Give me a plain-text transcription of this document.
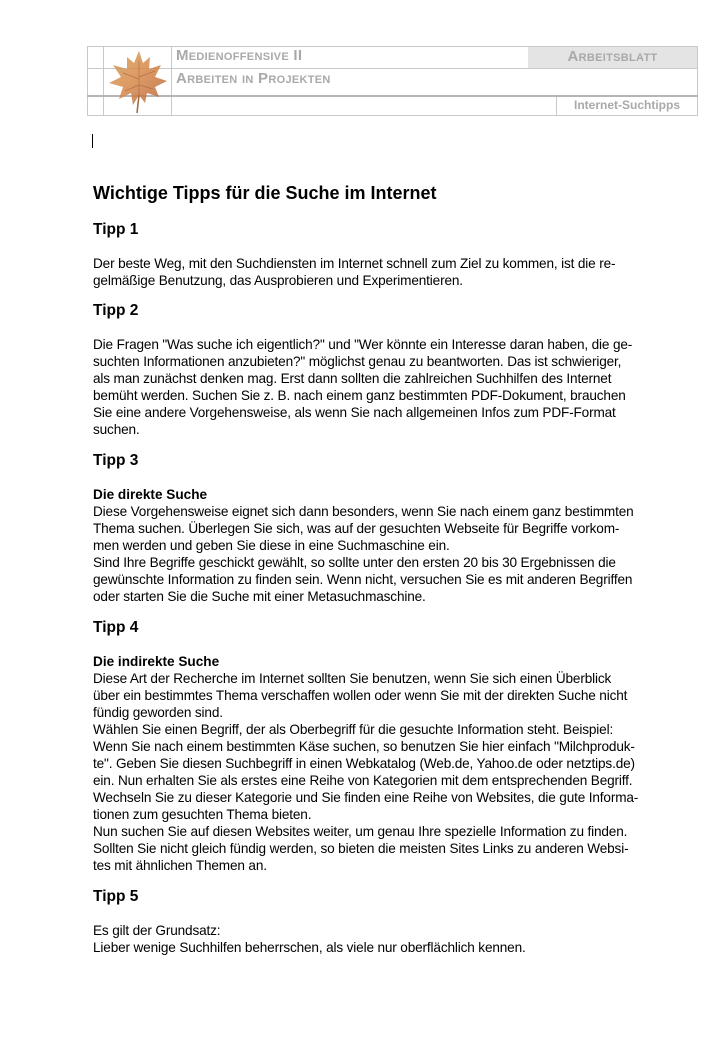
Medienoffensive II
Arbeiten in Projekten
Arbeitsblatt
Internet-Suchtipps
Wichtige Tipps für die Suche im Internet
Tipp 1

Der beste Weg, mit den Suchdiensten im Internet schnell zum Ziel zu kommen, ist die re-

gelmäßige Benutzung, das Ausprobieren und Experimentieren.

Tipp 2

Die Fragen "Was suche ich eigentlich?" und "Wer könnte ein Interesse daran haben, die ge-

suchten Informationen anzubieten?" möglichst genau zu beantworten. Das ist schwieriger,

als man zunächst denken mag. Erst dann sollten die zahlreichen Suchhilfen des Internet

bemüht werden. Suchen Sie z. B. nach einem ganz bestimmten PDF-Dokument, brauchen

Sie eine andere Vorgehensweise, als wenn Sie nach allgemeinen Infos zum PDF-Format

suchen.

Tipp 3

Die direkte Suche

Diese Vorgehensweise eignet sich dann besonders, wenn Sie nach einem ganz bestimmten

Thema suchen. Überlegen Sie sich, was auf der gesuchten Webseite für Begriffe vorkom-

men werden und geben Sie diese in eine Suchmaschine ein.

Sind Ihre Begriffe geschickt gewählt, so sollte unter den ersten 20 bis 30 Ergebnissen die

gewünschte Information zu finden sein. Wenn nicht, versuchen Sie es mit anderen Begriffen

oder starten Sie die Suche mit einer Metasuchmaschine.

Tipp 4

Die indirekte Suche

Diese Art der Recherche im Internet sollten Sie benutzen, wenn Sie sich einen Überblick

über ein bestimmtes Thema verschaffen wollen oder wenn Sie mit der direkten Suche nicht

fündig geworden sind.

Wählen Sie einen Begriff, der als Oberbegriff für die gesuchte Information steht. Beispiel:

Wenn Sie nach einem bestimmten Käse suchen, so benutzen Sie hier einfach "Milchproduk-

te". Geben Sie diesen Suchbegriff in einen Webkatalog (Web.de, Yahoo.de oder netztips.de)

ein. Nun erhalten Sie als erstes eine Reihe von Kategorien mit dem entsprechenden Begriff.

Wechseln Sie zu dieser Kategorie und Sie finden eine Reihe von Websites, die gute Informa-

tionen zum gesuchten Thema bieten.

Nun suchen Sie auf diesen Websites weiter, um genau Ihre spezielle Information zu finden.

Sollten Sie nicht gleich fündig werden, so bieten die meisten Sites Links zu anderen Websi-

tes mit ähnlichen Themen an.

Tipp 5

Es gilt der Grundsatz:

Lieber wenige Suchhilfen beherrschen, als viele nur oberflächlich kennen.
